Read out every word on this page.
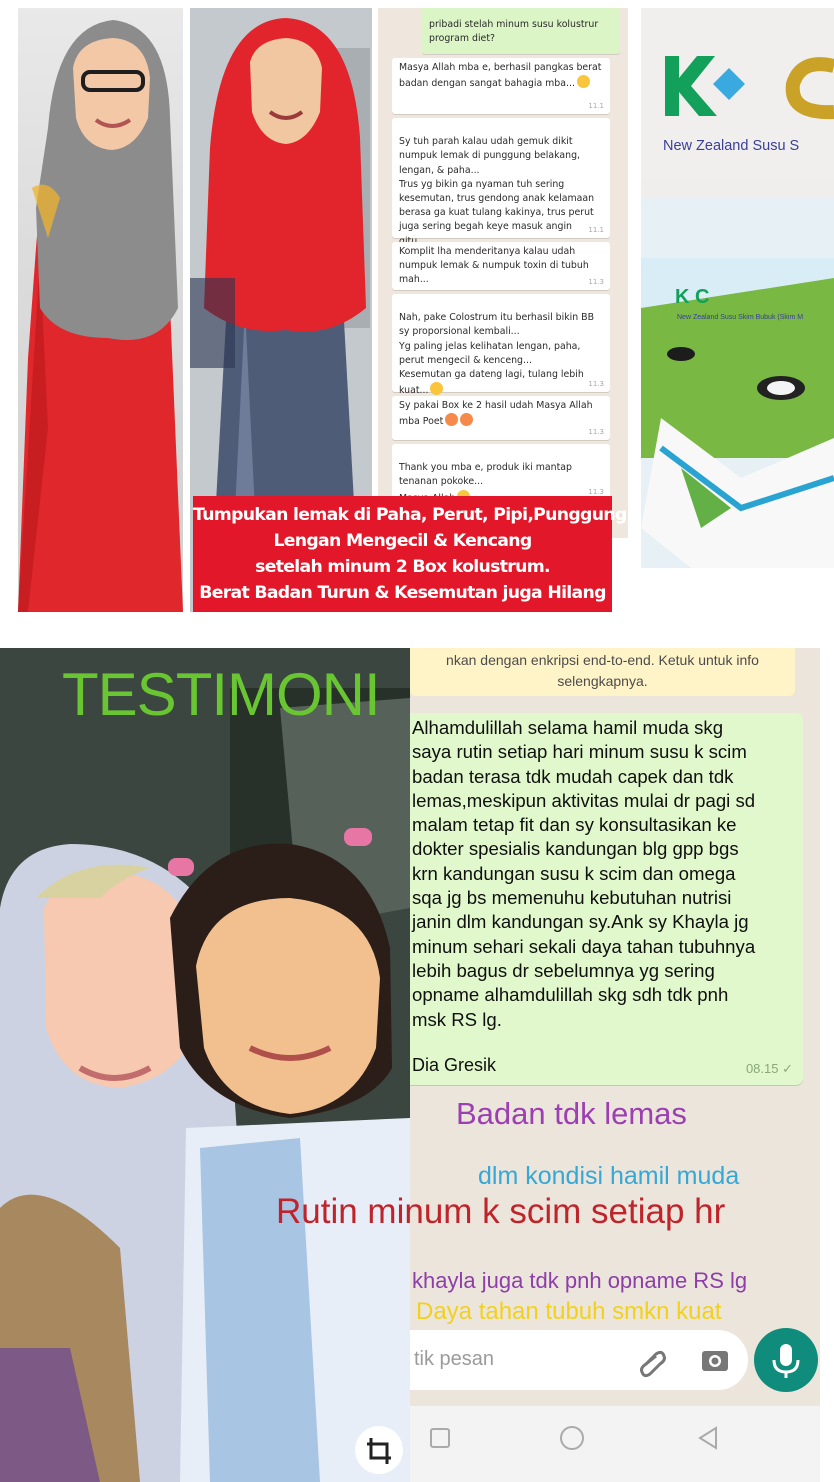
pribadi stelah minum susu kolustrur program diet?
Masya Allah mba e, berhasil pangkas berat badan dengan sangat bahagia mba...
11.1

Sy tuh parah kalau udah gemuk dikit numpuk lemak di punggung belakang, lengan, & paha...
Trus yg bikin ga nyaman tuh sering kesemutan, trus gendong anak kelamaan berasa ga kuat tulang kakinya, trus perut juga sering begah keye masuk angin 11.1

Komplit lha menderitanya kalau udah numpuk lemak & numpuk toxin di tubuh mah...	11.3

Nah, pake Colostrum itu berhasil bikin BB sy proporsional kembali...
Yg paling jelas kelihatan lengan, paha, perut mengecil & kenceng...
Kesemutan ga dateng lagi, tulang lebih kuat...

11.3

Sy pakai Box ke 2 hasil udah Masya Allah mba Poet
11.3

Thank you mba e, produk iki mantap tenanan pokoke...

11.3

New Zealand Susu S
K C
New Zealand Susu Skim Bubuk (Skim M
Tumpukan lemak di Paha, Perut, Pipi,Punggung,
Lengan Mengecil & Kencang
setelah minum 2 Box kolustrum.
Berat Badan Turun & Kesemutan juga Hilang
TESTIMONI
nkan dengan enkripsi end-to-end. Ketuk untuk info
selengkapnya.
Alhamdulillah selama hamil muda skg
saya rutin setiap hari minum susu k scim
badan terasa tdk mudah capek dan tdk
lemas,meskipun aktivitas mulai dr pagi sd
malam tetap fit dan sy konsultasikan ke
dokter spesialis kandungan blg gpp bgs
krn kandungan susu k scim dan omega
sqa jg bs memenuhu kebutuhan nutrisi
janin dlm kandungan sy.Ank sy Khayla jg
minum sehari sekali daya tahan tubuhnya
lebih bagus dr sebelumnya yg sering
opname alhamdulillah skg sdh tdk pnh
msk RS lg.
Dia Gresik	08.15 ✓
Badan tdk lemas
dlm kondisi hamil muda
khayla juga tdk pnh opname RS lg
Daya tahan tubuh smkn kuat
tik pesan
Rutin minum k scim setiap hr
